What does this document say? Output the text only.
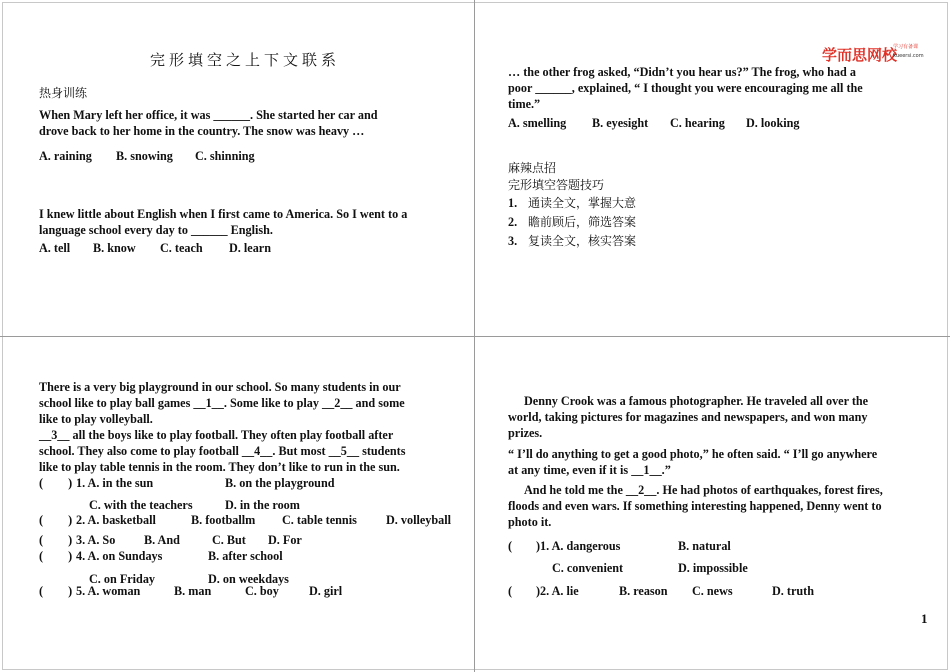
完形填空之上下文联系
热身训练
When Mary left her office, it was ______. She started her car and
drove back to her home in the country. The snow was heavy …
A. raining B. snowing C. shinning
I knew little about English when I first came to America. So I went to a
language school every day to ______ English.
A. tell B. know C. teach D. learn
学而思网校
学习有备课
xueersi.com
… the other frog asked, “Didn’t you hear us?” The frog, who had a
poor ______, explained, “ I thought you were encouraging me all the
time.”
A. smelling B. eyesight C. hearing D. looking
麻辣点招
完形填空答题技巧
1. 通读全文，掌握大意
2. 瞻前顾后，筛选答案
3. 复读全文，核实答案
There is a very big playground in our school. So many students in our
school like to play ball games __1__. Some like to play __2__ and some
like to play volleyball.
__3__ all the boys like to play football. They often play football after
school. They also come to play football __4__. But most __5__ students
like to play table tennis in the room. They don’t like to run in the sun.
( ) 1. A. in the sun	B. on the playground
C. with the teachers	D. in the room
( ) 2. A. basketball	B. footballm C. table tennis D. volleyball
( ) 3. A. So B. And	C. But D. For
( ) 4. A. on Sundays	B. after school
C. on Friday	D. on weekdays
( ) 5. A. woman	B. man	C. boy D. girl
Denny Crook was a famous photographer. He traveled all over the
world, taking pictures for magazines and newspapers, and won many
prizes.
“ I’ll do anything to get a good photo,” he often said. “ I’ll go anywhere
at any time, even if it is __1__.”
And he told me the __2__. He had photos of earthquakes, forest fires,
floods and even wars. If something interesting happened, Denny went to
photo it.
( )1. A. dangerous	B. natural
C. convenient	D. impossible
( )2. A. lie	B. reason C. news	D. truth
1
